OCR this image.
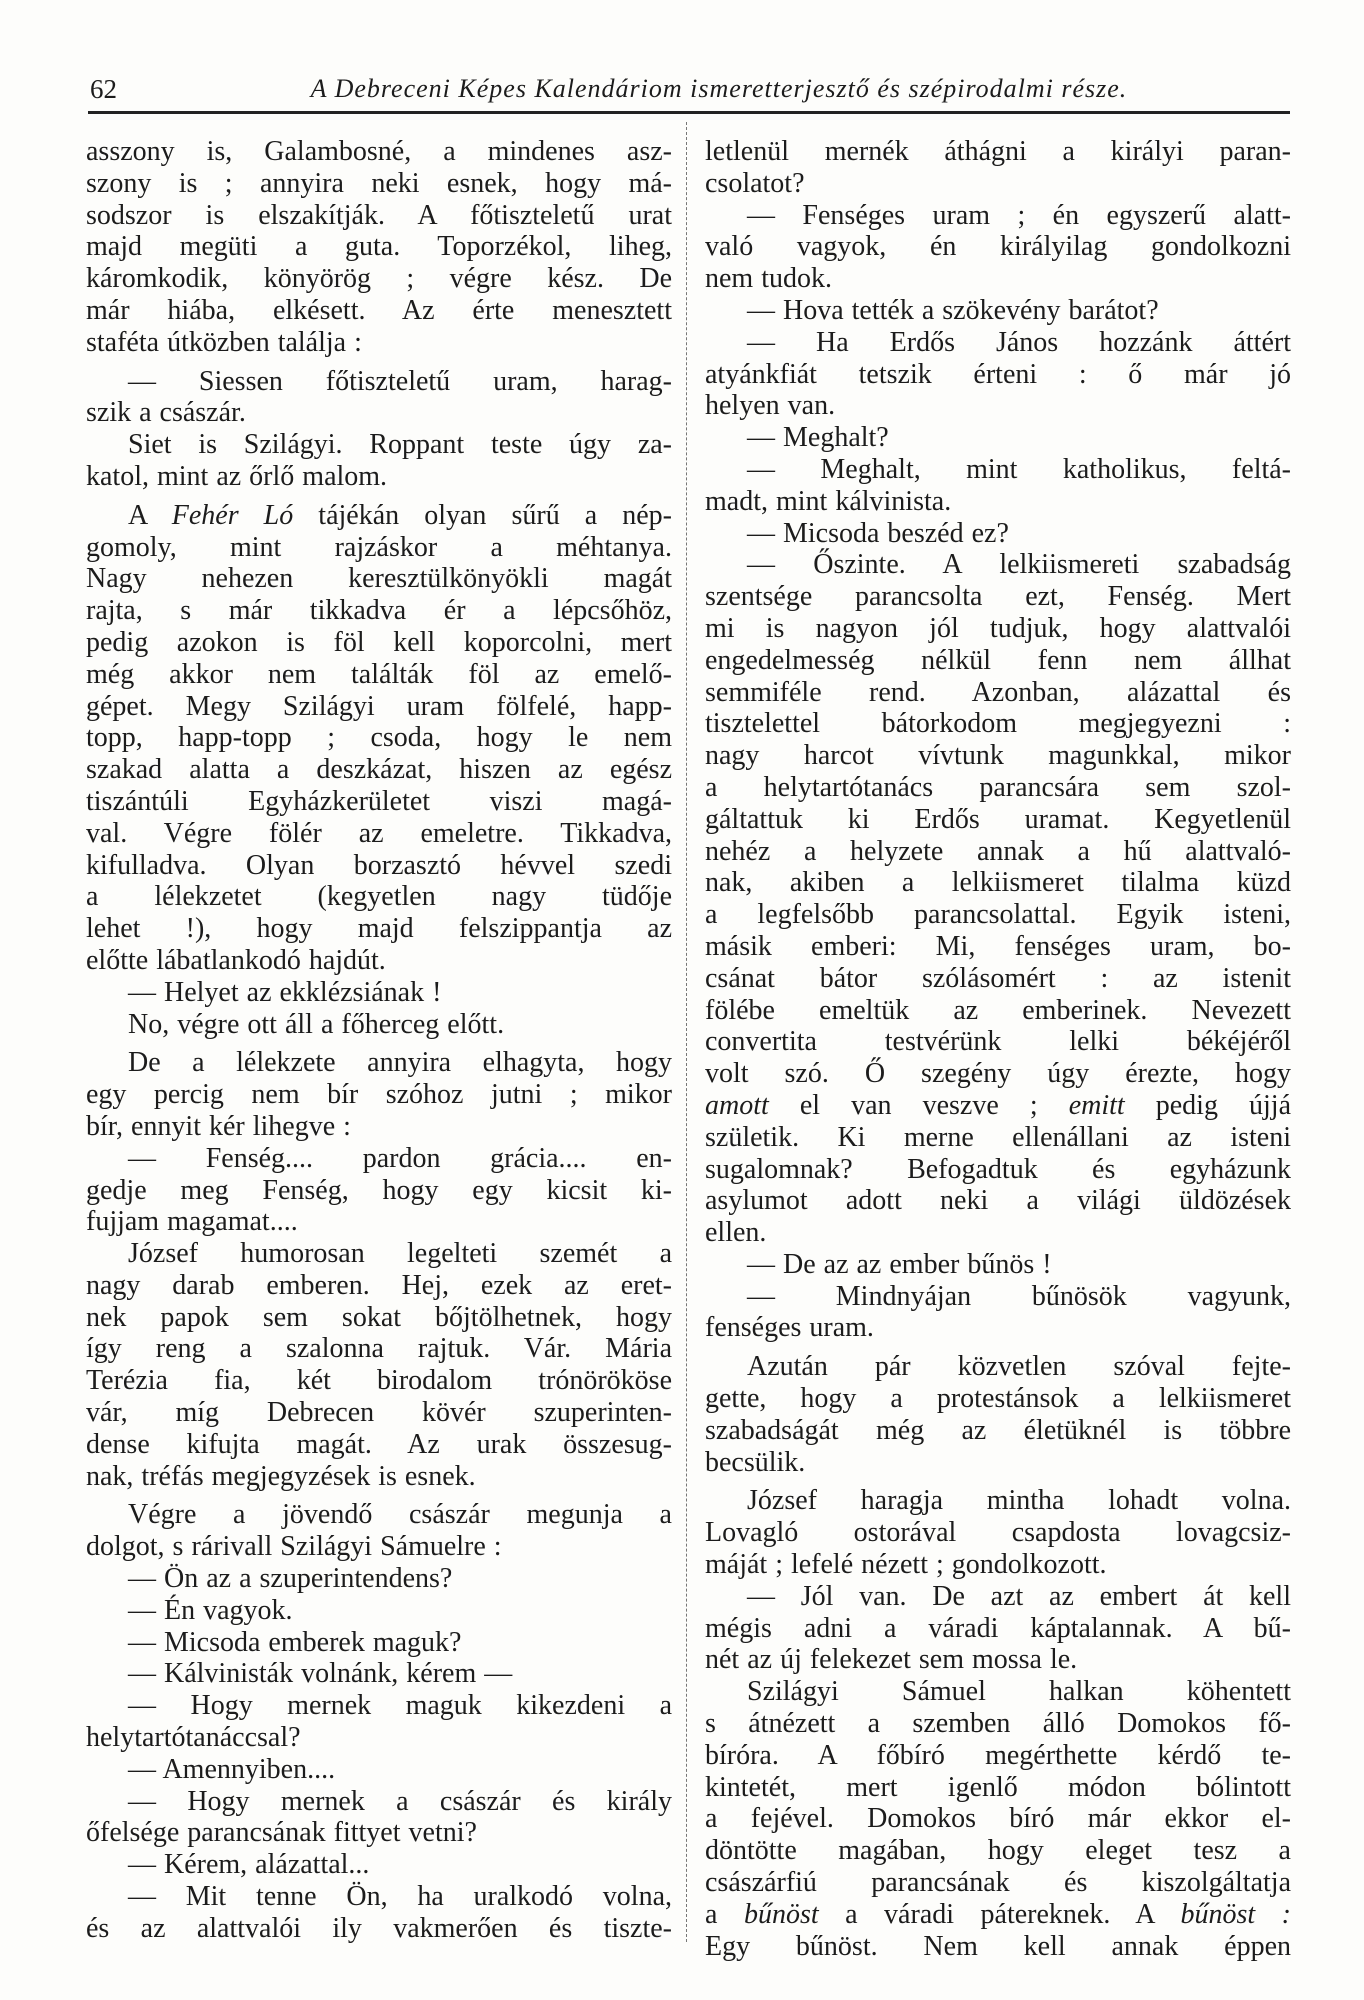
62	A Debreceni Képes Kalendáriom ismeretterjesztő és szépirodalmi része.
asszony is, Galambosné, a mindenes asz-
szony is ; annyira neki esnek, hogy má-
sodszor is elszakítják. A főtiszteletű urat
majd megüti a guta. Toporzékol, liheg,
káromkodik, könyörög ; végre kész. De
már hiába, elkésett. Az érte menesztett
staféta útközben találja :
— Siessen főtiszteletű uram, harag-
szik a császár.
Siet is Szilágyi. Roppant teste úgy za-
katol, mint az őrlő malom.
A Fehér Ló tájékán olyan sűrű a nép-
gomoly, mint rajzáskor a méhtanya.
Nagy nehezen keresztülkönyökli magát
rajta, s már tikkadva ér a lépcsőhöz,
pedig azokon is föl kell koporcolni, mert
még akkor nem találták föl az emelő-
gépet. Megy Szilágyi uram fölfelé, happ-
topp, happ-topp ; csoda, hogy le nem
szakad alatta a deszkázat, hiszen az egész
tiszántúli Egyházkerületet viszi magá-
val. Végre fölér az emeletre. Tikkadva,
kifulladva. Olyan borzasztó hévvel szedi
a lélekzetet (kegyetlen nagy tüdője
lehet !), hogy majd felszippantja az
előtte lábatlankodó hajdút.
— Helyet az ekklézsiának !
No, végre ott áll a főherceg előtt.
De a lélekzete annyira elhagyta, hogy
egy percig nem bír szóhoz jutni ; mikor
bír, ennyit kér lihegve :
— Fenség.... pardon grácia.... en-
gedje meg Fenség, hogy egy kicsit ki-
fujjam magamat....
József humorosan legelteti szemét a
nagy darab emberen. Hej, ezek az eret-
nek papok sem sokat bőjtölhetnek, hogy
így reng a szalonna rajtuk. Vár. Mária
Terézia fia, két birodalom trónörököse
vár, míg Debrecen kövér szuperinten-
dense kifujta magát. Az urak összesug-
nak, tréfás megjegyzések is esnek.
Végre a jövendő császár megunja a
dolgot, s rárivall Szilágyi Sámuelre :
— Ön az a szuperintendens?
— Én vagyok.
— Micsoda emberek maguk?
— Kálvinisták volnánk, kérem —
— Hogy mernek maguk kikezdeni a
helytartótanáccsal?
— Amennyiben....
— Hogy mernek a császár és király
őfelsége parancsának fittyet vetni?
— Kérem, alázattal...
— Mit tenne Ön, ha uralkodó volna,
és az alattvalói ily vakmerően és tiszte-
letlenül mernék áthágni a királyi paran-
csolatot?
— Fenséges uram ; én egyszerű alatt-
való vagyok, én királyilag gondolkozni
nem tudok.
— Hova tették a szökevény barátot?
— Ha Erdős János hozzánk áttért
atyánkfiát tetszik érteni : ő már jó
helyen van.
— Meghalt?
— Meghalt, mint katholikus, feltá-
madt, mint kálvinista.
— Micsoda beszéd ez?
— Őszinte. A lelkiismereti szabadság
szentsége parancsolta ezt, Fenség. Mert
mi is nagyon jól tudjuk, hogy alattvalói
engedelmesség nélkül fenn nem állhat
semmiféle rend. Azonban, alázattal és
tisztelettel bátorkodom megjegyezni :
nagy harcot vívtunk magunkkal, mikor
a helytartótanács parancsára sem szol-
gáltattuk ki Erdős uramat. Kegyetlenül
nehéz a helyzete annak a hű alattvaló-
nak, akiben a lelkiismeret tilalma küzd
a legfelsőbb parancsolattal. Egyik isteni,
másik emberi: Mi, fenséges uram, bo-
csánat bátor szólásomért : az istenit
fölébe emeltük az emberinek. Nevezett
convertita testvérünk lelki békéjéről
volt szó. Ő szegény úgy érezte, hogy
amott el van veszve ; emitt pedig újjá
születik. Ki merne ellenállani az isteni
sugalomnak? Befogadtuk és egyházunk
asylumot adott neki a világi üldözések
ellen.
— De az az ember bűnös !
— Mindnyájan bűnösök vagyunk,
fenséges uram.
Azután pár közvetlen szóval fejte-
gette, hogy a protestánsok a lelkiismeret
szabadságát még az életüknél is többre
becsülik.
József haragja mintha lohadt volna.
Lovagló ostorával csapdosta lovagcsiz-
máját ; lefelé nézett ; gondolkozott.
— Jól van. De azt az embert át kell
mégis adni a váradi káptalannak. A bű-
nét az új felekezet sem mossa le.
Szilágyi Sámuel halkan köhentett
s átnézett a szemben álló Domokos fő-
bíróra. A főbíró megérthette kérdő te-
kintetét, mert igenlő módon bólintott
a fejével. Domokos bíró már ekkor el-
döntötte magában, hogy eleget tesz a
császárfiú parancsának és kiszolgáltatja
a bűnöst a váradi pátereknek. A bűnöst :
Egy bűnöst. Nem kell annak éppen
